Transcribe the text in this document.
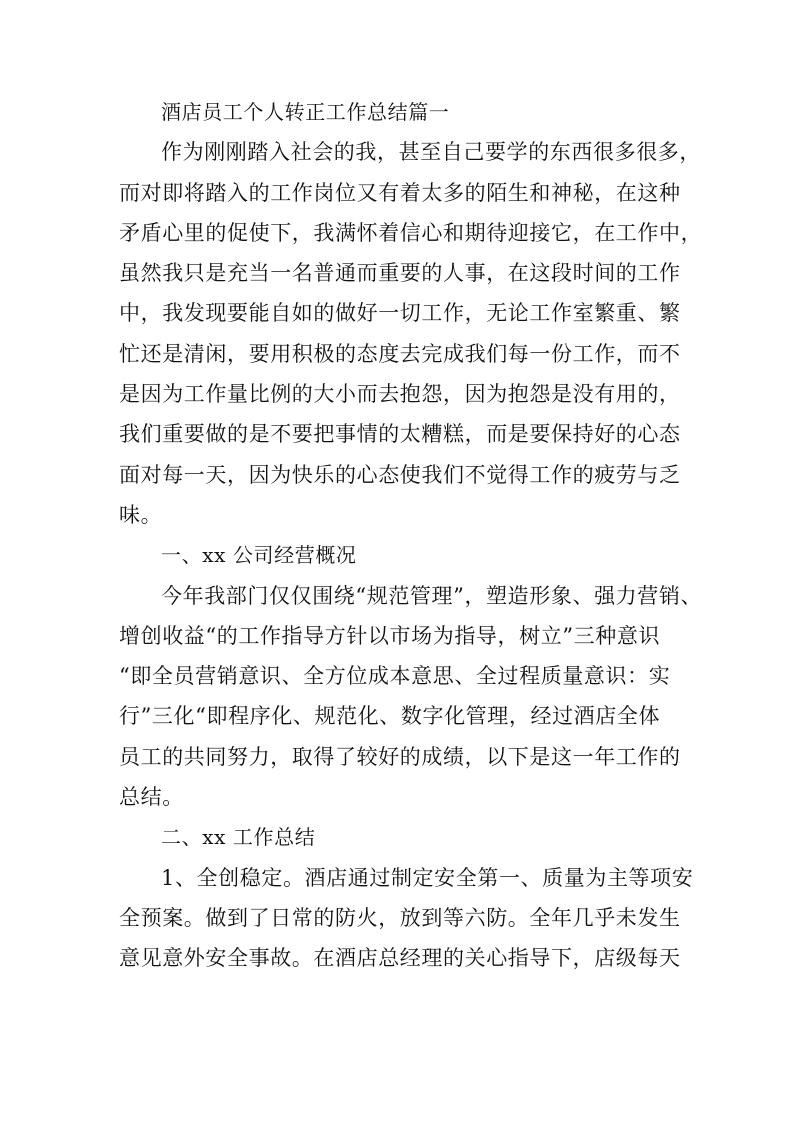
酒店员工个人转正工作总结篇一
作为刚刚踏入社会的我，甚至自己要学的东西很多很多，
而对即将踏入的工作岗位又有着太多的陌生和神秘，在这种
矛盾心里的促使下，我满怀着信心和期待迎接它，在工作中，
虽然我只是充当一名普通而重要的人事，在这段时间的工作
中，我发现要能自如的做好一切工作，无论工作室繁重、繁
忙还是清闲，要用积极的态度去完成我们每一份工作，而不
是因为工作量比例的大小而去抱怨，因为抱怨是没有用的，
我们重要做的是不要把事情的太糟糕，而是要保持好的心态
面对每一天，因为快乐的心态使我们不觉得工作的疲劳与乏
味。
一、xx 公司经营概况
今年我部门仅仅围绕“规范管理”，塑造形象、强力营销、
增创收益“的工作指导方针以市场为指导，树立”三种意识
“即全员营销意识、全方位成本意思、全过程质量意识：实
行”三化“即程序化、规范化、数字化管理，经过酒店全体
员工的共同努力，取得了较好的成绩，以下是这一年工作的
总结。
二、xx 工作总结
1、全创稳定。酒店通过制定安全第一、质量为主等项安
全预案。做到了日常的防火，放到等六防。全年几乎未发生
意见意外安全事故。在酒店总经理的关心指导下，店级每天
